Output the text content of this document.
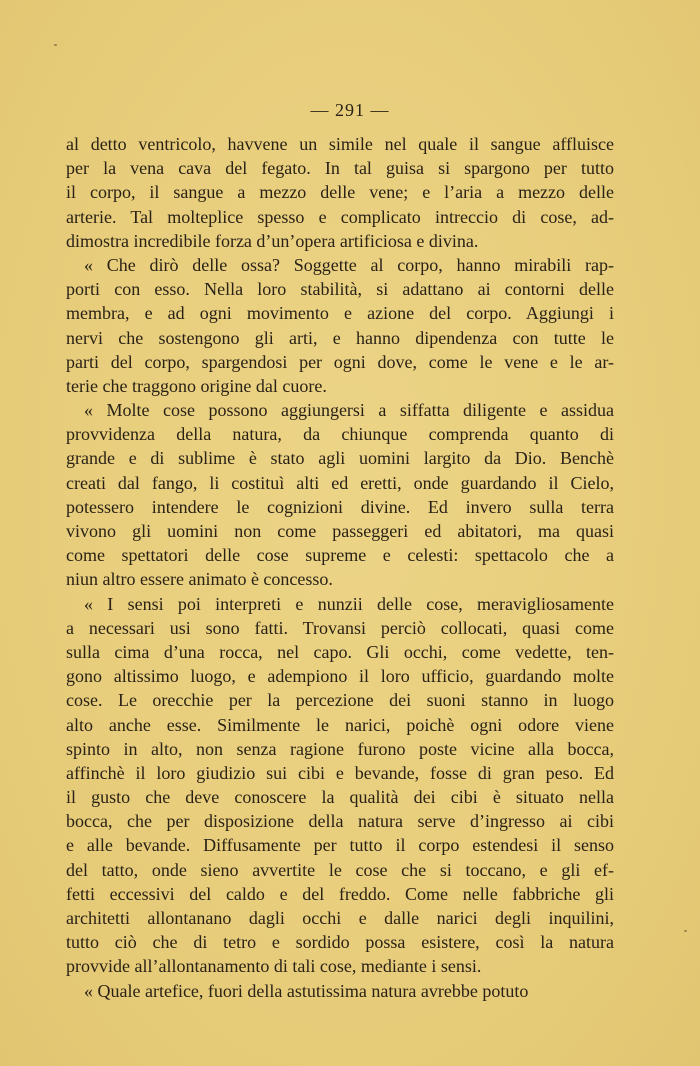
— 291 —
al detto ventricolo, havvene un simile nel quale il sangue affluisce
per la vena cava del fegato. In tal guisa si spargono per tutto
il corpo, il sangue a mezzo delle vene; e l’aria a mezzo delle
arterie. Tal molteplice spesso e complicato intreccio di cose, ad-
dimostra incredibile forza d’un’opera artificiosa e divina.
« Che dirò delle ossa? Soggette al corpo, hanno mirabili rap-
porti con esso. Nella loro stabilità, si adattano ai contorni delle
membra, e ad ogni movimento e azione del corpo. Aggiungi i
nervi che sostengono gli arti, e hanno dipendenza con tutte le
parti del corpo, spargendosi per ogni dove, come le vene e le ar-
terie che traggono origine dal cuore.
« Molte cose possono aggiungersi a siffatta diligente e assidua
provvidenza della natura, da chiunque comprenda quanto di
grande e di sublime è stato agli uomini largito da Dio. Benchè
creati dal fango, li costituì alti ed eretti, onde guardando il Cielo,
potessero intendere le cognizioni divine. Ed invero sulla terra
vivono gli uomini non come passeggeri ed abitatori, ma quasi
come spettatori delle cose supreme e celesti: spettacolo che a
niun altro essere animato è concesso.
« I sensi poi interpreti e nunzii delle cose, meravigliosamente
a necessari usi sono fatti. Trovansi perciò collocati, quasi come
sulla cima d’una rocca, nel capo. Gli occhi, come vedette, ten-
gono altissimo luogo, e adempiono il loro ufficio, guardando molte
cose. Le orecchie per la percezione dei suoni stanno in luogo
alto anche esse. Similmente le narici, poichè ogni odore viene
spinto in alto, non senza ragione furono poste vicine alla bocca,
affinchè il loro giudizio sui cibi e bevande, fosse di gran peso. Ed
il gusto che deve conoscere la qualità dei cibi è situato nella
bocca, che per disposizione della natura serve d’ingresso ai cibi
e alle bevande. Diffusamente per tutto il corpo estendesi il senso
del tatto, onde sieno avvertite le cose che si toccano, e gli ef-
fetti eccessivi del caldo e del freddo. Come nelle fabbriche gli
architetti allontanano dagli occhi e dalle narici degli inquilini,
tutto ciò che di tetro e sordido possa esistere, così la natura
provvide all’allontanamento di tali cose, mediante i sensi.
« Quale artefice, fuori della astutissima natura avrebbe potuto
